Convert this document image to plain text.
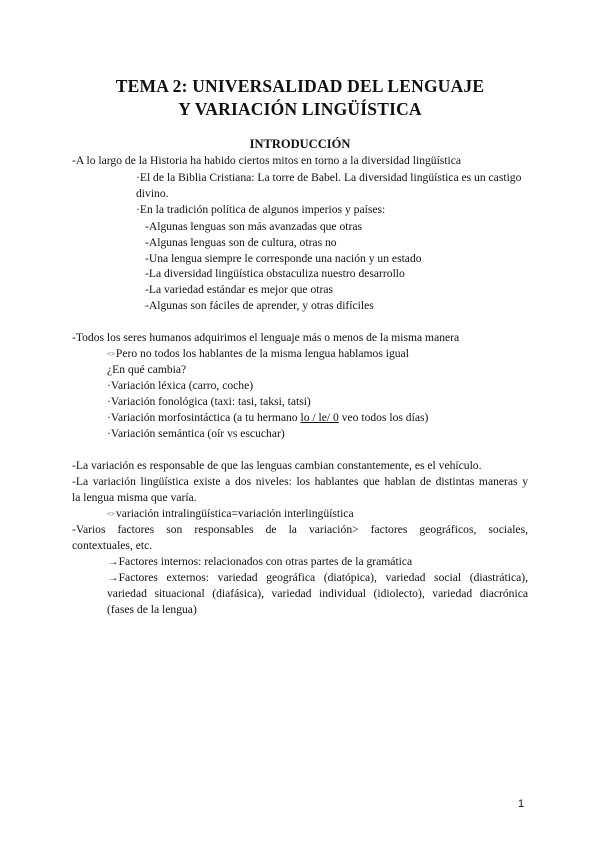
TEMA 2: UNIVERSALIDAD DEL LENGUAJE
Y VARIACIÓN LINGÜÍSTICA
INTRODUCCIÓN
-A lo largo de la Historia ha habido ciertos mitos en torno a la diversidad lingüística
·El de la Biblia Cristiana: La torre de Babel. La diversidad lingüística es un castigo
divino.
·En la tradición política de algunos imperios y países:
-Algunas lenguas son más avanzadas que otras
-Algunas lenguas son de cultura, otras no
-Una lengua siempre le corresponde una nación y un estado
-La diversidad lingüística obstaculiza nuestro desarrollo
-La variedad estándar es mejor que otras
-Algunas son fáciles de aprender, y otras difíciles
-Todos los seres humanos adquirimos el lenguaje más o menos de la misma manera
<>Pero no todos los hablantes de la misma lengua hablamos igual
¿En qué cambia?
·Variación léxica (carro, coche)
·Variación fonológica (taxi: tasi, taksi, tatsi)
·Variación morfosintáctica (a tu hermano lo / le/ 0 veo todos los días)
·Variación semántica (oír vs escuchar)
-La variación es responsable de que las lenguas cambian constantemente, es el vehículo.
-La variación lingüística existe a dos niveles: los hablantes que hablan de distintas maneras y
la lengua misma que varía.
<>variación intralingüística=variación interlingüística
-Varios factores son responsables de la variación> factores geográficos, sociales,
contextuales, etc.
→Factores internos: relacionados con otras partes de la gramática
→Factores externos: variedad geográfica (diatópica), variedad social (diastrática),
variedad situacional (diafásica), variedad individual (idiolecto), variedad diacrónica
(fases de la lengua)
1
